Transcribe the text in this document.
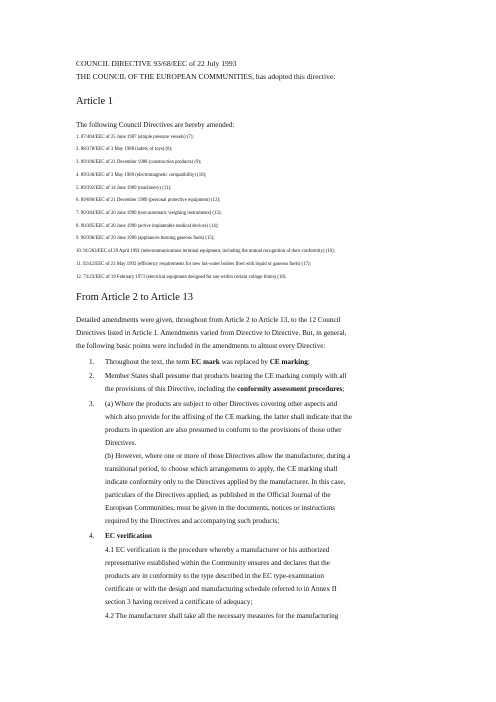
COUNCIL DIRECTIVE 93/68/EEC of 22 July 1993
THE COUNCIL OF THE EUROPEAN COMMUNITIES, has adopted this directive:
Article 1
The following Council Directives are hereby amended:
1. 87/404/EEC of 25 June 1987 (simple pressure vessels) (7);
2. 88/378/EEC of 3 May 1988 (safety of toys) (8);
3. 89/106/EEC of 21 December 1988 (construction products) (9);
4. 89/336/EEC of 3 May 1989 (electromagnetic compatibility) (10);
5. 89/392/EEC of 14 June 1989 (machinery) (11);
6. 89/686/EEC of 21 December 1989 (personal protective equipment) (12);
7. 90/384/EEC of 20 June 1990 (non-automatic weighing instruments) (13);
8. 90/385/EEC of 20 June 1990 (active implantable medical devices) (14);
9. 90/396/EEC of 29 June 1990 (appliances burning gaseous fuels) (15);
10. 91/263/EEC of 29 April 1991 (telecommunications terminal equipment, including the mutual recognition of their conformity) (16);
11. 92/42/EEC of 21 May 1992 (efficiency requirements for new hot-water boilers fired with liquid or gaseous fuels) (17);
12. 73/23/EEC of 19 February 1973 (electrical equipment designed for use within certain voltage limits) (18).
From Article 2 to Article 13
Detailed amendments were given, throughout from Article 2 to Article 13, to the 12 Council
Directives listed in Article 1. Amendments varied from Directive to Directive. But, in general,
the following basic points were included in the amendments to almost every Directive:
1. Throughout the text, the term EC mark was replaced by CE marking;
2. Member States shall presume that products bearing the CE marking comply with all
the provisions of this Directive, including the conformity assessment procedures;
3. (a) Where the products are subject to other Directives covering other aspects and
which also provide for the affixing of the CE marking, the latter shall indicate that the
products in question are also presumed to conform to the provisions of those other
Directives.
(b) However, where one or more of those Directives allow the manufacturer, during a
transitional period, to choose which arrangements to apply, the CE marking shall
indicate conformity only to the Directives applied by the manufacturer. In this case,
particulars of the Directives applied, as published in the Official Journal of the
European Communities, must be given in the documents, notices or instructions
required by the Directives and accompanying such products;
4. EC verification
4.1 EC verification is the procedure whereby a manufacturer or his authorized
representative established within the Community ensures and declares that the
products are in conformity to the type described in the EC type-examination
certificate or with the design and manufacturing schedule referred to in Annex II
section 3 having received a certificate of adequacy;
4.2 The manufacturer shall take all the necessary measures for the manufacturing
